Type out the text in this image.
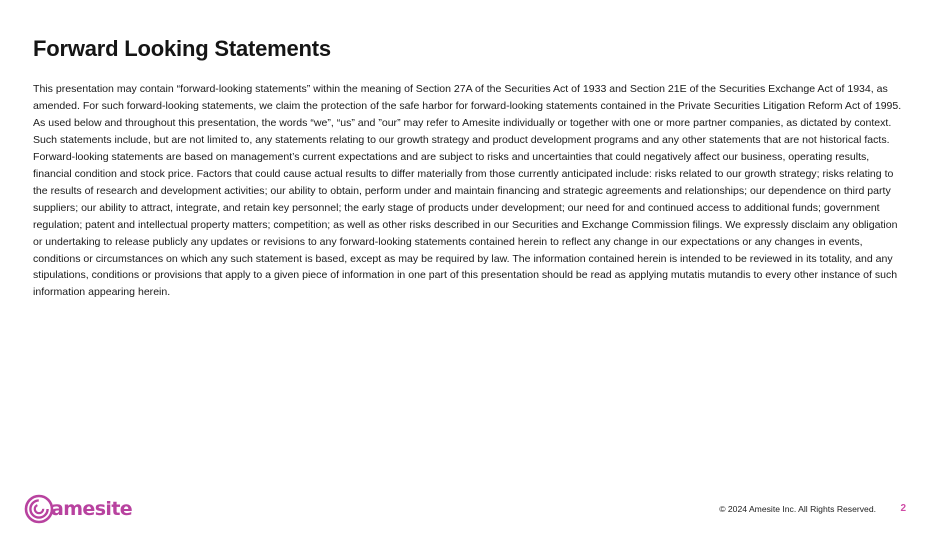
Forward Looking Statements

This presentation may contain “forward-looking statements” within the meaning of Section 27A of the Securities Act of 1933 and Section 21E of the Securities Exchange Act of 1934, as amended. For such forward-looking statements, we claim the protection of the safe harbor for forward-looking statements contained in the Private Securities Litigation Reform Act of 1995. As used below and throughout this presentation, the words “we”, “us” and ”our” may refer to Amesite individually or together with one or more partner companies, as dictated by context. Such statements include, but are not limited to, any statements relating to our growth strategy and product development programs and any other statements that are not historical facts. Forward-looking statements are based on management’s current expectations and are subject to risks and uncertainties that could negatively affect our business, operating results, financial condition and stock price. Factors that could cause actual results to differ materially from those currently anticipated include: risks related to our growth strategy; risks relating to the results of research and development activities; our ability to obtain, perform under and maintain financing and strategic agreements and relationships; our dependence on third party suppliers; our ability to attract, integrate, and retain key personnel; the early stage of products under development; our need for and continued access to additional funds; government regulation; patent and intellectual property matters; competition; as well as other risks described in our Securities and Exchange Commission filings. We expressly disclaim any obligation or undertaking to release publicly any updates or revisions to any forward-looking statements contained herein to reflect any change in our expectations or any changes in events, conditions or circumstances on which any such statement is based, except as may be required by law. The information contained herein is intended to be reviewed in its totality, and any stipulations, conditions or provisions that apply to a given piece of information in one part of this presentation should be read as applying mutatis mutandis to every other instance of such information appearing herein.

amesite	© 2024 Amesite Inc. All Rights Reserved. 2
